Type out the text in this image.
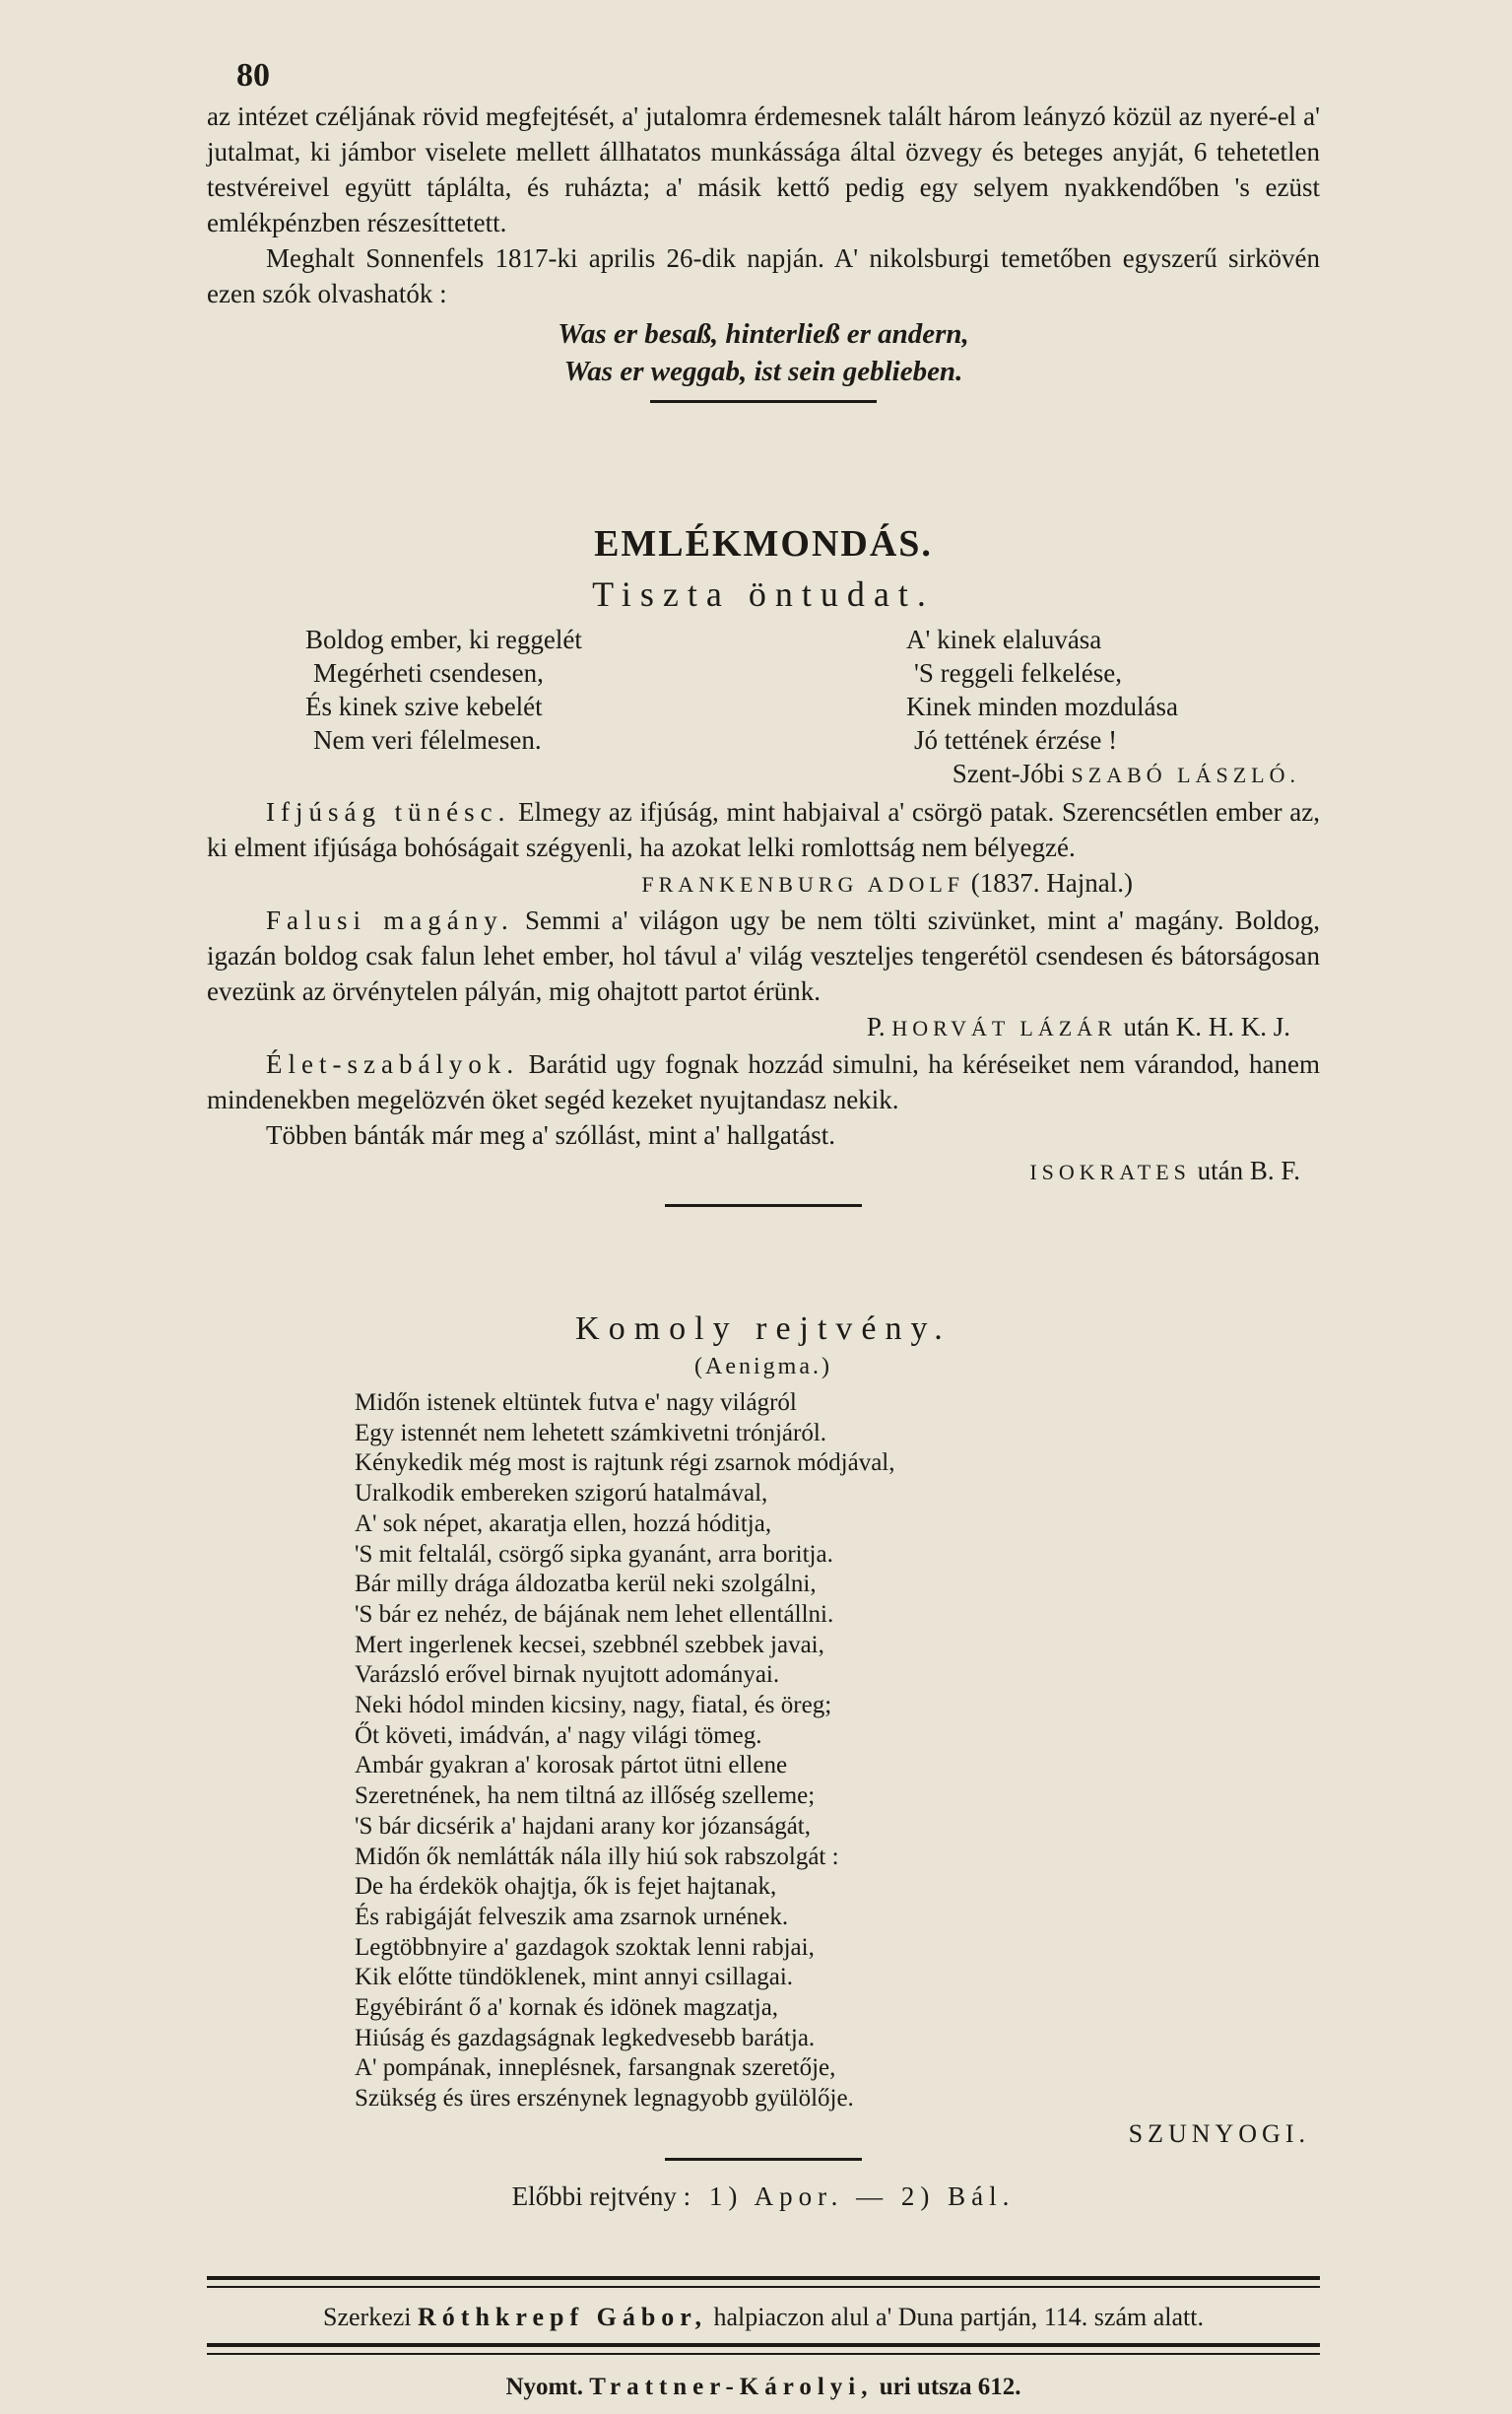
80

az intézet czéljának rövid megfejtését, a' jutalomra érdemesnek talált három leányzó közül az nyeré-el a' jutalmat, ki jámbor viselete mellett állhatatos munkássága által özvegy és beteges anyját, 6 tehetetlen testvéreivel együtt táplálta, és ruházta; a' másik kettő pedig egy selyem nyakkendőben 's ezüst emlékpénzben részesíttetett.

Meghalt Sonnenfels 1817-ki aprilis 26-dik napján. A' nikolsburgi temetőben egyszerű sirkövén ezen szók olvashatók :

Was er besaß, hinterließ er andern,
Was er weggab, ist sein geblieben.
EMLÉKMONDÁS.
Tiszta öntudat.
Boldog ember, ki reggelét
Megérheti csendesen,
És kinek szive kebelét
Nem veri félelmesen.
A' kinek elaluvása
'S reggeli felkelése,
Kinek minden mozdulása
Jó tettének érzése !
Szent-Jóbi SZABÓ LÁSZLÓ.

Ifjúság tünésc. Elmegy az ifjúság, mint habjaival a' csörgö patak. Szerencsétlen ember az, ki elment ifjúsága bohóságait szégyenli, ha azokat lelki romlottság nem bélyegzé.

FRANKENBURG ADOLF (1837. Hajnal.)

Falusi magány. Semmi a' világon ugy be nem tölti szivünket, mint a' magány. Boldog, igazán boldog csak falun lehet ember, hol távul a' világ veszteljes tengerétöl csendesen és bátorságosan evezünk az örvénytelen pályán, mig ohajtott partot érünk.

P. HORVÁT LÁZÁR után K. H. K. J.

Élet-szabályok. Barátid ugy fognak hozzád simulni, ha kéréseiket nem várandod, hanem mindenekben megelözvén öket segéd kezeket nyujtandasz nekik.

Többen bánták már meg a' szóllást, mint a' hallgatást.

ISOKRATES után B. F.
Komoly rejtvény.
(Aenigma.)
Midőn istenek eltüntek futva e' nagy világról
Egy istennét nem lehetett számkivetni trónjáról.
Kénykedik még most is rajtunk régi zsarnok módjával,
Uralkodik embereken szigorú hatalmával,
A' sok népet, akaratja ellen, hozzá hóditja,
'S mit feltalál, csörgő sipka gyanánt, arra boritja.
Bár milly drága áldozatba kerül neki szolgálni,
'S bár ez nehéz, de bájának nem lehet ellentállni.
Mert ingerlenek kecsei, szebbnél szebbek javai,
Varázsló erővel birnak nyujtott adományai.
Neki hódol minden kicsiny, nagy, fiatal, és öreg;
Őt követi, imádván, a' nagy világi tömeg.
Ambár gyakran a' korosak pártot ütni ellene
Szeretnének, ha nem tiltná az illőség szelleme;
'S bár dicsérik a' hajdani arany kor józanságát,
Midőn ők nemlátták nála illy hiú sok rabszolgát :
De ha érdekök ohajtja, ők is fejet hajtanak,
És rabigáját felveszik ama zsarnok urnének.
Legtöbbnyire a' gazdagok szoktak lenni rabjai,
Kik előtte tündöklenek, mint annyi csillagai.
Egyébiránt ő a' kornak és idönek magzatja,
Hiúság és gazdagságnak legkedvesebb barátja.
A' pompának, inneplésnek, farsangnak szeretője,
Szükség és üres erszénynek legnagyobb gyülölője.
SZUNYOGI.
Előbbi rejtvény : 1) Apor. — 2) Bál.
Szerkezi Róthkrepf Gábor, halpiaczon alul a' Duna partján, 114. szám alatt.
Nyomt. Trattner-Károlyi, uri utsza 612.
